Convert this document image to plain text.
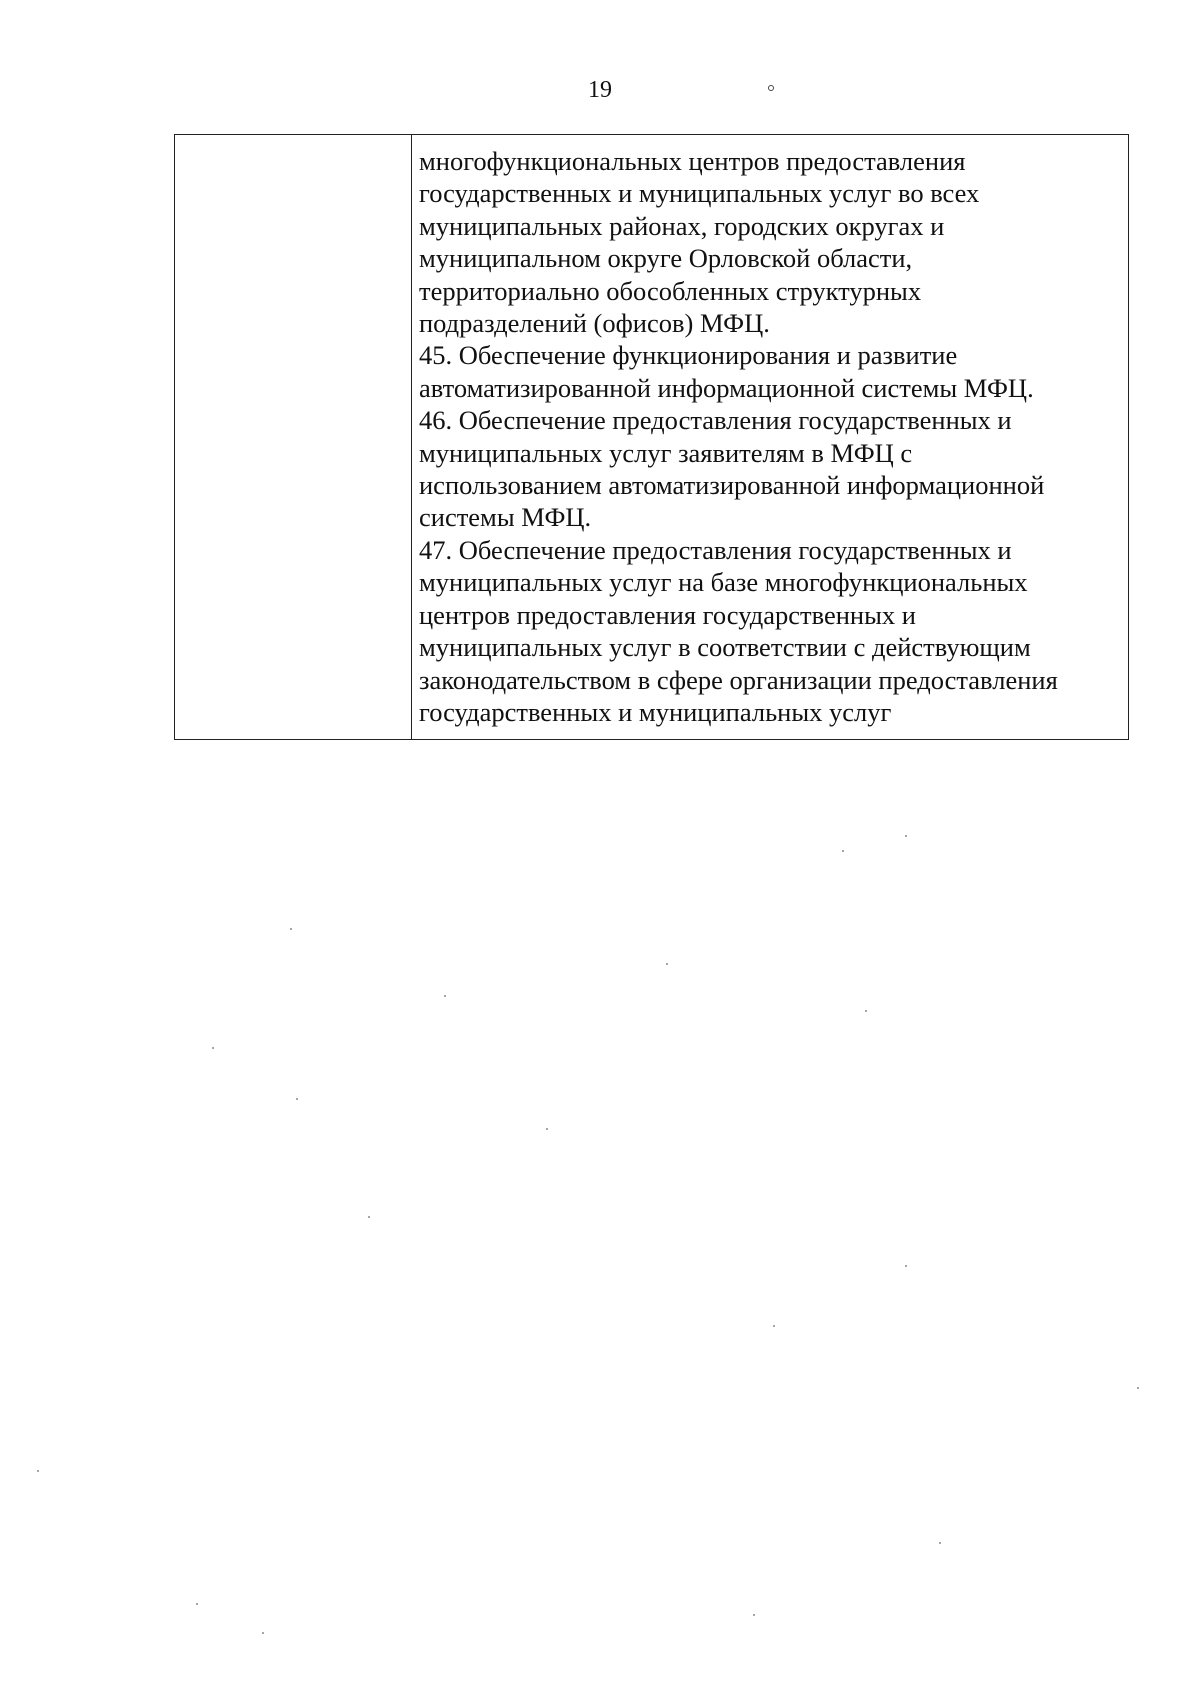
19

многофункциональных центров предоставления
государственных и муниципальных услуг во всех
муниципальных районах, городских округах и
муниципальном округе Орловской области,
территориально обособленных структурных
подразделений (офисов) МФЦ.
45. Обеспечение функционирования и развитие
автоматизированной информационной системы МФЦ.
46. Обеспечение предоставления государственных и
муниципальных услуг заявителям в МФЦ с
использованием автоматизированной информационной
системы МФЦ.
47. Обеспечение предоставления государственных и
муниципальных услуг на базе многофункциональных
центров предоставления государственных и
муниципальных услуг в соответствии с действующим
законодательством в сфере организации предоставления
государственных и муниципальных услуг
